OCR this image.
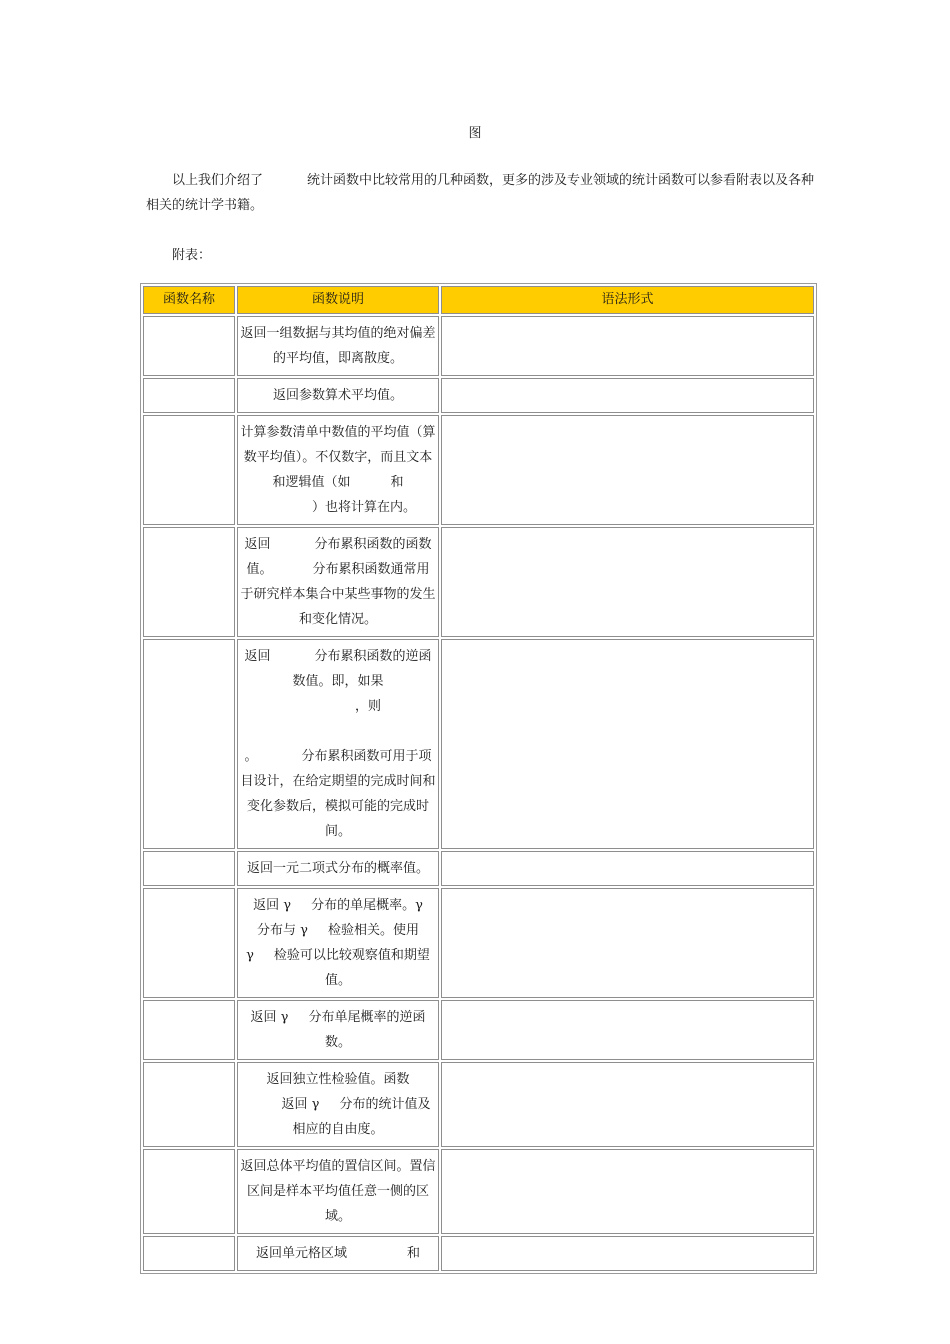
图
以上我们介绍了	统计函数中比较常用的几种函数，更多的涉及专业领域的统计函数可以参看附表以及各种相关的统计学书籍。
附表：
函数名称	函数说明	语法形式
	返回一组数据与其均值的绝对偏差的平均值，即离散度。	
	返回参数算术平均值。	
	计算参数清单中数值的平均值（算数平均值）。不仅数字，而且文本和逻辑值（如 和
）也将计算在内。	
	返回 分布累积函数的函数值。 分布累积函数通常用于研究样本集合中某些事物的发生和变化情况。	
	返回 分布累积函数的逆函数值。即，如果
，则

。 分布累积函数可用于项目设计，在给定期望的完成时间和变化参数后，模拟可能的完成时间。	
	返回一元二项式分布的概率值。	
	返回 γ 分布的单尾概率。γ
分布与 γ 检验相关。使用
γ 检验可以比较观察值和期望值。	
	返回 γ 分布单尾概率的逆函数。	
	返回独立性检验值。函数
返回 γ 分布的统计值及相应的自由度。	
	返回总体平均值的置信区间。置信区间是样本平均值任意一侧的区域。	
	返回单元格区域 和	
